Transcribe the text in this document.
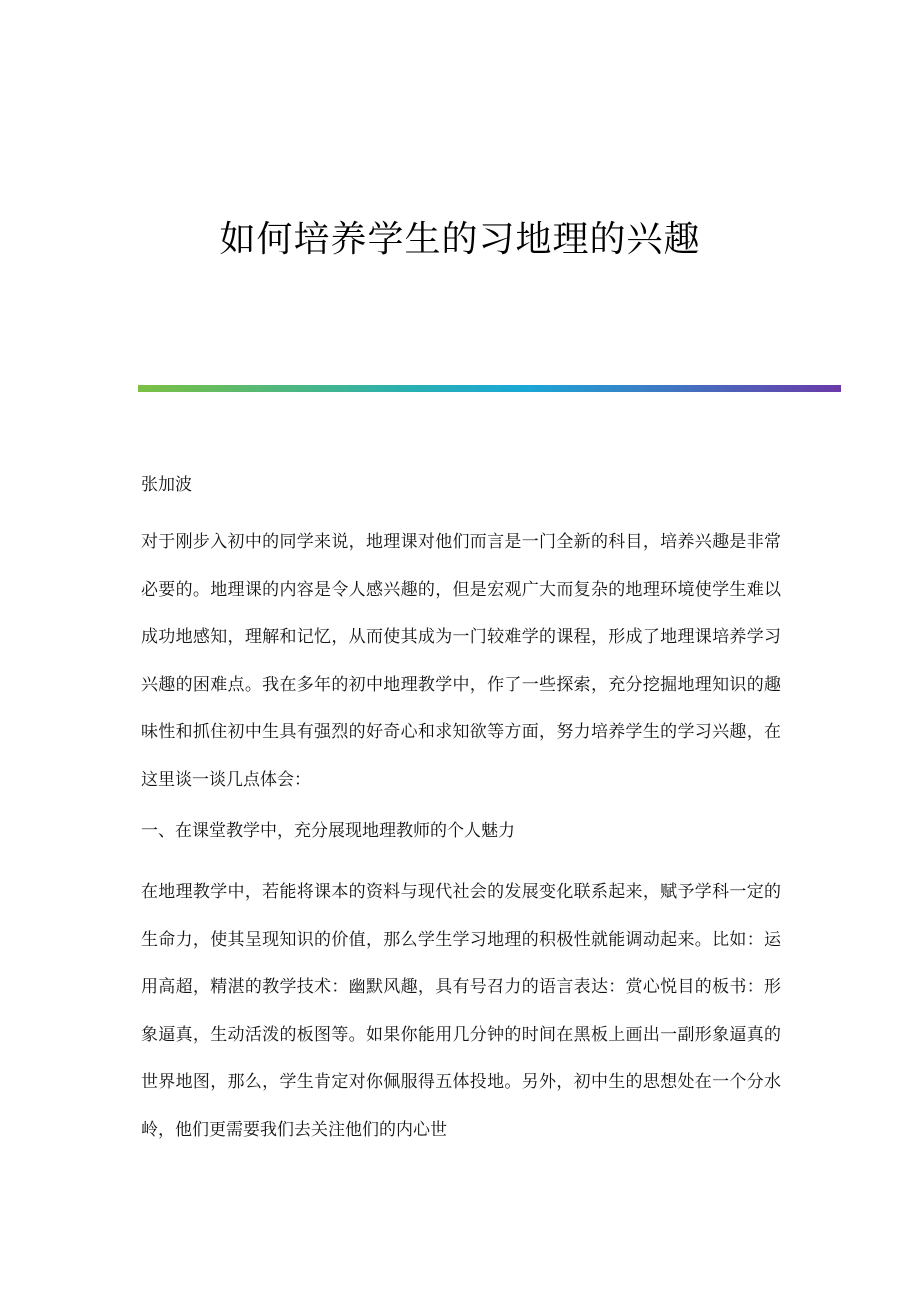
如何培养学生的习地理的兴趣
张加波
对于刚步入初中的同学来说，地理课对他们而言是一门全新的科目，培养兴趣是非常必要的。地理课的内容是令人感兴趣的，但是宏观广大而复杂的地理环境使学生难以成功地感知，理解和记忆，从而使其成为一门较难学的课程，形成了地理课培养学习兴趣的困难点。我在多年的初中地理教学中，作了一些探索，充分挖掘地理知识的趣味性和抓住初中生具有强烈的好奇心和求知欲等方面，努力培养学生的学习兴趣，在这里谈一谈几点体会：
一、在课堂教学中，充分展现地理教师的个人魅力
在地理教学中，若能将课本的资料与现代社会的发展变化联系起来，赋予学科一定的生命力，使其呈现知识的价值，那么学生学习地理的积极性就能调动起来。比如：运用高超，精湛的教学技术：幽默风趣，具有号召力的语言表达：赏心悦目的板书：形象逼真，生动活泼的板图等。如果你能用几分钟的时间在黑板上画出一副形象逼真的世界地图，那么，学生肯定对你佩服得五体投地。另外，初中生的思想处在一个分水岭，他们更需要我们去关注他们的内心世
